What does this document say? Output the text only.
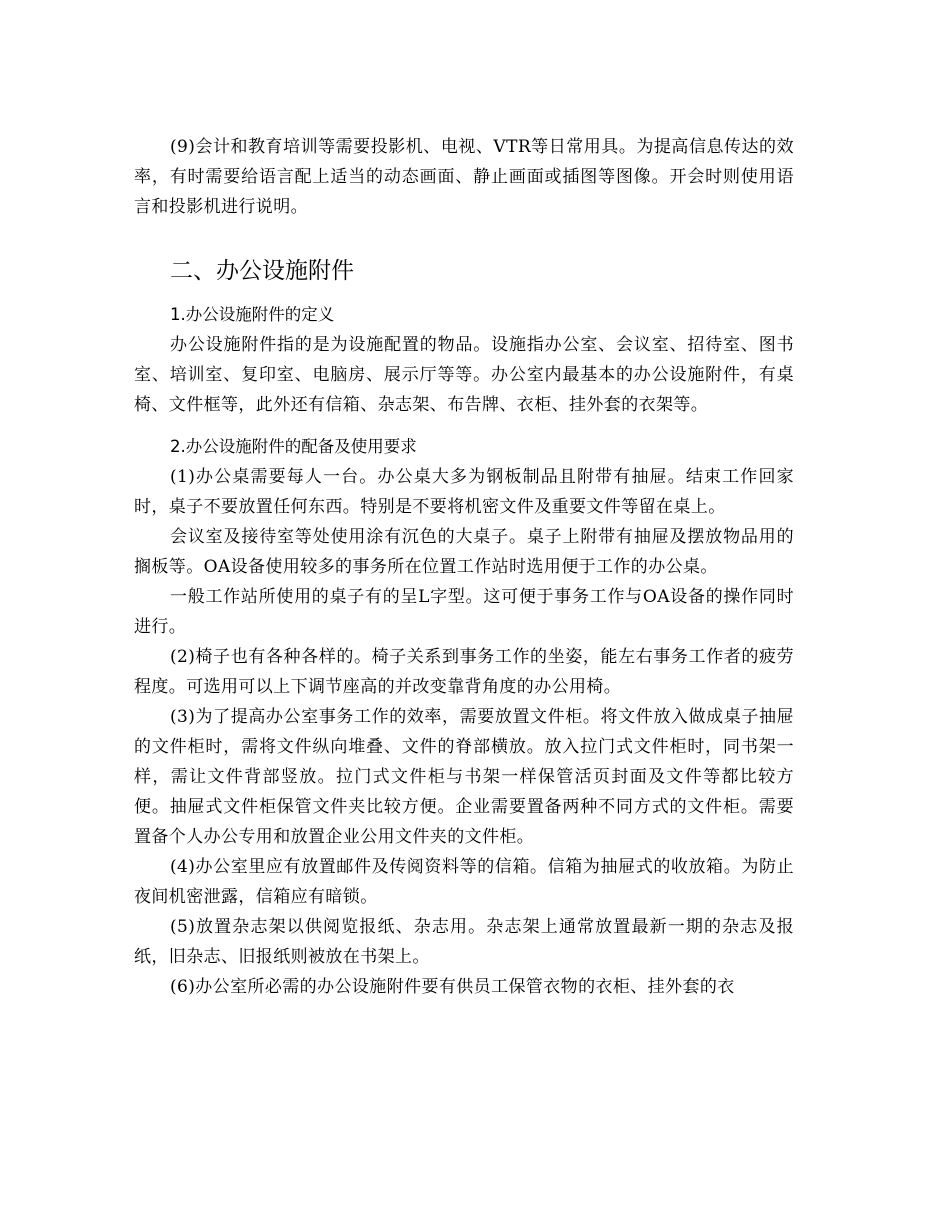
(9)会计和教育培训等需要投影机、电视、VTR等日常用具。为提高信息传达的效率，有时需要给语言配上适当的动态画面、静止画面或插图等图像。开会时则使用语言和投影机进行说明。

二、办公设施附件
1.办公设施附件的定义

办公设施附件指的是为设施配置的物品。设施指办公室、会议室、招待室、图书室、培训室、复印室、电脑房、展示厅等等。办公室内最基本的办公设施附件，有桌椅、文件框等，此外还有信箱、杂志架、布告牌、衣柜、挂外套的衣架等。

2.办公设施附件的配备及使用要求

(1)办公桌需要每人一台。办公桌大多为钢板制品且附带有抽屉。结束工作回家时，桌子不要放置任何东西。特别是不要将机密文件及重要文件等留在桌上。

会议室及接待室等处使用涂有沉色的大桌子。桌子上附带有抽屉及摆放物品用的搁板等。OA设备使用较多的事务所在位置工作站时选用便于工作的办公桌。

一般工作站所使用的桌子有的呈L字型。这可便于事务工作与OA设备的操作同时进行。

(2)椅子也有各种各样的。椅子关系到事务工作的坐姿，能左右事务工作者的疲劳程度。可选用可以上下调节座高的并改变靠背角度的办公用椅。

(3)为了提高办公室事务工作的效率，需要放置文件柜。将文件放入做成桌子抽屉的文件柜时，需将文件纵向堆叠、文件的脊部横放。放入拉门式文件柜时，同书架一样，需让文件背部竖放。拉门式文件柜与书架一样保管活页封面及文件等都比较方便。抽屉式文件柜保管文件夹比较方便。企业需要置备两种不同方式的文件柜。需要置备个人办公专用和放置企业公用文件夹的文件柜。

(4)办公室里应有放置邮件及传阅资料等的信箱。信箱为抽屉式的收放箱。为防止夜间机密泄露，信箱应有暗锁。

(5)放置杂志架以供阅览报纸、杂志用。杂志架上通常放置最新一期的杂志及报纸，旧杂志、旧报纸则被放在书架上。

(6)办公室所必需的办公设施附件要有供员工保管衣物的衣柜、挂外套的衣
